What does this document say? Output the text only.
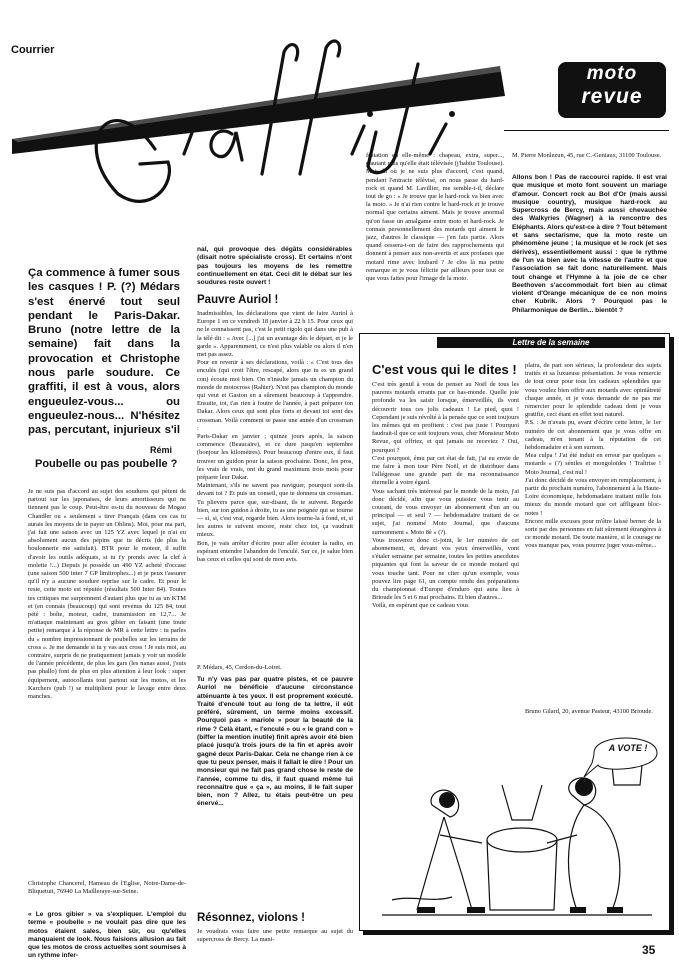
Courrier
moto
revue
Ça commence à fumer sous les casques ! P. (?) Médars s'est énervé tout seul pendant le Paris-Dakar. Bruno (notre lettre de la semaine) fait dans la provocation et Christophe nous parle soudure. Ce graffiti, il est à vous, alors engueulez-vous... ou engueulez-nous... N'hésitez pas, percutant, injurieux s'il
Rémi
Poubelle ou pas poubelle ?
Je ne suis pas d'accord au sujet des soudures qui pètent de partout sur les japonaises, de leurs amortisseurs qui ne tiennent pas le coup. Peut-être es-tu du nouveau de Mogao Chandler ou « seulement » tirer Français (dans ces cas tu aurais les moyens de te payer un Ohlins). Moi, pour ma part, j'ai fait une saison avec un 125 YZ avec lequel je n'ai eu absolument aucun des pépins que tu décris (de plus la boulonnerie me satisfait). BTR pour le moteur, il suffit d'avoir les outils adéquats, si tu t'y prends avec la clef à molette !...) Depuis je possède un 490 YZ acheté d'occase (une saison 500 inter 7 GP limitrophes...) et je peux t'assurer qu'il n'y a aucune soudure reprise sur le cadre. Et pour le reste, cette moto est réputée (résultats 500 Inter 84). Toutes tes critiques me surprennent d'autant plus que tu as un KTM et (en connais (beaucoup) qui sont revenus du 125 84, tout pété : boîte, moteur, cadre, transmission en 12,7... Je m'attaque maintenant au gros gibier en faisant (une toute petite) remarque à la réponse de MR à cette lettre : tu parles du « nombre impressionnant de poubelles sur les terrains de cross ». Je me demande si tu y vas aux cross ! Je suis moi, au contraire, surpris de ne pratiquement jamais y voir un modèle de l'année précédente, de plus les gars (les nanas aussi, j'suis pas phallo) font de plus en plus attention à leur look : super équipement, autocollants tout partout sur les motos, et les Karchers (pub !) se multiplient pour le lavage entre deux manches.
Christophe Chancerel, Hameau de l'Eglise, Notre-Dame-de-Bliquetuit, 76940 La Mailleraye-sur-Seine.
« Le gros gibier » va s'expliquer. L'emploi du terme « poubelle » ne voulait pas dire que les motos étaient sales, bien sûr, ou qu'elles manquaient de look. Nous faisions allusion au fait que les motos de cross actuelles sont soumises à un rythme infer-
nal, qui provoque des dégâts considérables (disait notre spécialiste cross). Et certains n'ont pas toujours les moyens de les remettre continuellement en état. Ceci dit le débat sur les soudures reste ouvert !
Pauvre Auriol !
Inadmissibles, les déclarations que vient de faire Auriol à Europe 1 en ce vendredi 18 janvier à 22 h 15. Pour ceux qui ne le connaissent pas, c'est le petit rigolo qui dans une pub à la télé dit : « Avec [...] j'ai un avantage dès le départ, et je le garde ». Apparemment, ce n'est plus valable ou alors il n'en met pas assez.
Pour en revenir à ses déclarations, voilà : « C'est tous des enculés (qui croit l'être, rescapé, alors que tu es un grand con) écoute moi bien. On n'insulte jamais un champion du monde de motocross (Rahier). N'est pas champion du monde qui veut et Gaston en a sûrement beaucoup à t'apprendre. Ensuite, toi, t'as rien à foutre de l'année, à part préparer ton Dakar. Alors ceux qui sont plus forts et devant toi sont des crossman. Voilà comment se passe une année d'un crossman :
Paris-Dakar en janvier ; quinze jours après, la saison commence (Beaucaire), et ce dure jusqu'en septembre (bonjour les kilomètres). Pour beaucoup d'entre eux, il faut trouver un guidon pour la saison prochaine. Donc, les pros, les vrais de vrais, ont du grand maximum trois mois pour préparer leur Dakar.
Maintenant, s'ils ne savent pas naviguer, pourquoi sont-ils devant toi ? Et puis un conseil, que te donnera un crossman. Tu plievers parce que, sur-disant, ils te suivent. Regarde bien, sur ton guidon à droite, tu as une poignée qui se tourne — si, si, c'est vrai, regarde bien. Alors tourne-la à fond, et, si les autres te suivent encore, reste chez toi, ça vaudrait mieux.
Bon, je vais arrêter d'écrire pour aller écouter la radio, en espérant entendre l'abandon de l'enculé. Sur ce, je salue bien bas ceux et celles qui sont de mon avis.
P. Médars, 45, Cerdon-du-Loiret.
Tu n'y vas pas par quatre pistes, et ce pauvre Auriol ne bénéficie d'aucune circonstance atténuante à tes yeux. Il est proprement exécuté. Traité d'enculé tout au long de ta lettre, il eût préféré, sûrement, un terme moins excessif. Pourquoi pas « mariole » pour la beauté de la rime ? Celà étant, « l'enculé » ou « le grand con » (biffer la mention inutile) finit après avoir été bien placé jusqu'à trois jours de la fin et après avoir gagné deux Paris-Dakar. Cela ne change rien à ce que tu peux penser, mais il fallait le dire ! Pour un monsieur qui ne fait pas grand chose le reste de l'année, comme tu dis, il faut quand même lui reconnaître que « ça », au moins, il le fait super bien, non ? Allez, tu étais peut-être un peu énervé...
Résonnez, violons !
Je voudrais vous faire une petite remarque au sujet du supercross de Bercy. La mani-
festation en elle-même : chapeau, extra, super..., d'autant plus qu'elle était télévisée (j'habite Toulouse). Mais là où je ne suis plus d'accord, c'est quand, pendant l'entracte télévisé, on nous passe du hard-rock et quand M. Lavillier, me semble-t-il, déclare tout de go : « Je trouve que le hard-rock va bien avec la moto. » Je n'ai rien contre le hard-rock et je trouve normal que certains aiment. Mais je trouve anormal qu'on fasse un amalgame entre moto et hard-rock. Je connais personnellement des motards qui aiment le jazz, d'autres le classique — j'en fais partie. Alors quand cessera-t-on de faire des rapprochements qui donnent à penser aux non-avertis et aux profanes que motard rime avec loubard ? Je clos là ma petite remarque et je vous félicite par ailleurs pour tout ce que vous faites pour l'image de la moto.
M. Pierre Monlezun, 45, rue C.-Geniaux, 31100 Toulouse.
Allons bon ! Pas de raccourci rapide. Il est vrai que musique et moto font souvent un mariage d'amour. Concert rock au Bol d'Or (mais aussi musique country), musique hard-rock au Supercross de Bercy, mais aussi chevauchée des Walkyries (Wagner) à la rencontre des Eléphants. Alors qu'est-ce à dire ? Tout bêtement et sans sectarisme, que la moto reste un phénomène jeune ; la musique et le rock (et ses dérivés), essentiellement aussi : que le rythme de l'un va bien avec la vitesse de l'autre et que l'association se fait donc naturellement. Mais tout change et l'Hymne à la joie de ce cher Beethoven s'accommodait fort bien au climat violent d'Orange mécanique de ce non moins cher Kubrik. Alors ? Pourquoi pas le Philarmonique de Berlin... bientôt ?
Lettre de la semaine
C'est vous qui le dites !
C'est très gentil à vous de penser au Noël de tous les pauvres motards errants par ce bas-monde. Quelle joie profonde va les saisir lorsque, émerveillés, ils vont découvrir tous ces jolis cadeaux ! Le pied, quoi ! Cependant je suis révolté à la pensée que ce sont toujours les mêmes qui en profitent : c'est pas juste ! Pourquoi faudrait-il que ce soit toujours vous, cher Monsieur Moto Revue, qui offriez, et qui jamais ne receviez ? Oui, pourquoi ?
C'est pourquoi, ému par cet état de fait, j'ai eu envie de me faire à mon tour Père Noël, et de distribuer dans l'allégresse une grande part de ma reconnaissance éternelle à votre égard.
Vous sachant très intéressé par le monde de la moto, j'ai donc décidé, afin que vous puissiez vous tenir au courant, de vous envoyer un abonnement d'un an ou principal — et seul ? — hebdomadaire traitant de ce sujet, j'ai nommé Moto Journal, que d'aucuns surnomment « Moto 8è » (?).
Vous trouverez donc ci-joint, le 1er numéro de cet abonnement, et, devant vos yeux émerveillés, vont s'étaler semaine par semaine, toutes les petites anecdotes piquantes qui font la saveur de ce monde motard qui vous touche tant. Pour ne citer qu'un exemple, vous pouvez lire page 61, un compte rendu des préparations du championnat d'Europe d'enduro qui aura lieu à Brioude les 5 et 6 mai prochains. Et bien d'autres...
Voilà, en espérant que ce cadeau vous
plaira, de part son sérieux, la profondeur des sujets traités et sa luxueuse présentation. Je vous remercie de tout cœur pour tous les cadeaux splendides que vous voulez bien offrir aux motards avec opiniâtreté chaque année, et je vous demande de ne pas me remercier pour le splendide cadeau dont je vous gratifie, ceci étant en effet tout naturel.
P.S. : Je n'avais pu, avant d'écrire cette lettre, le 1er numéro de cet abonnement que je vous offre en cadeau, m'en tenant à la réputation de cet hebdomadaire et à son surnom.
Mea culpa ! J'ai été induit en erreur par quelques « motards » (?) séniles et mongoloïdes ! Traîtrise ! Moto Journal, c'est nul !
J'ai donc décidé de vous envoyer en remplacement, à partir du prochain numéro, l'abonnement à la Haute-Loire économique, hebdomadaire traitant mille fois mieux du monde motard que cet affligeant bloc-notes !
Encore mille excuses pour m'être laissé berner de la sorte par des personnes en fait sûrement étrangères à ce monde motard. De toute manière, si le courage ne vous manque pas, vous pourrez juger vous-même...
Bruno Gilard, 20, avenue Pasteur, 43100 Brioude.
A VOTE !
35
